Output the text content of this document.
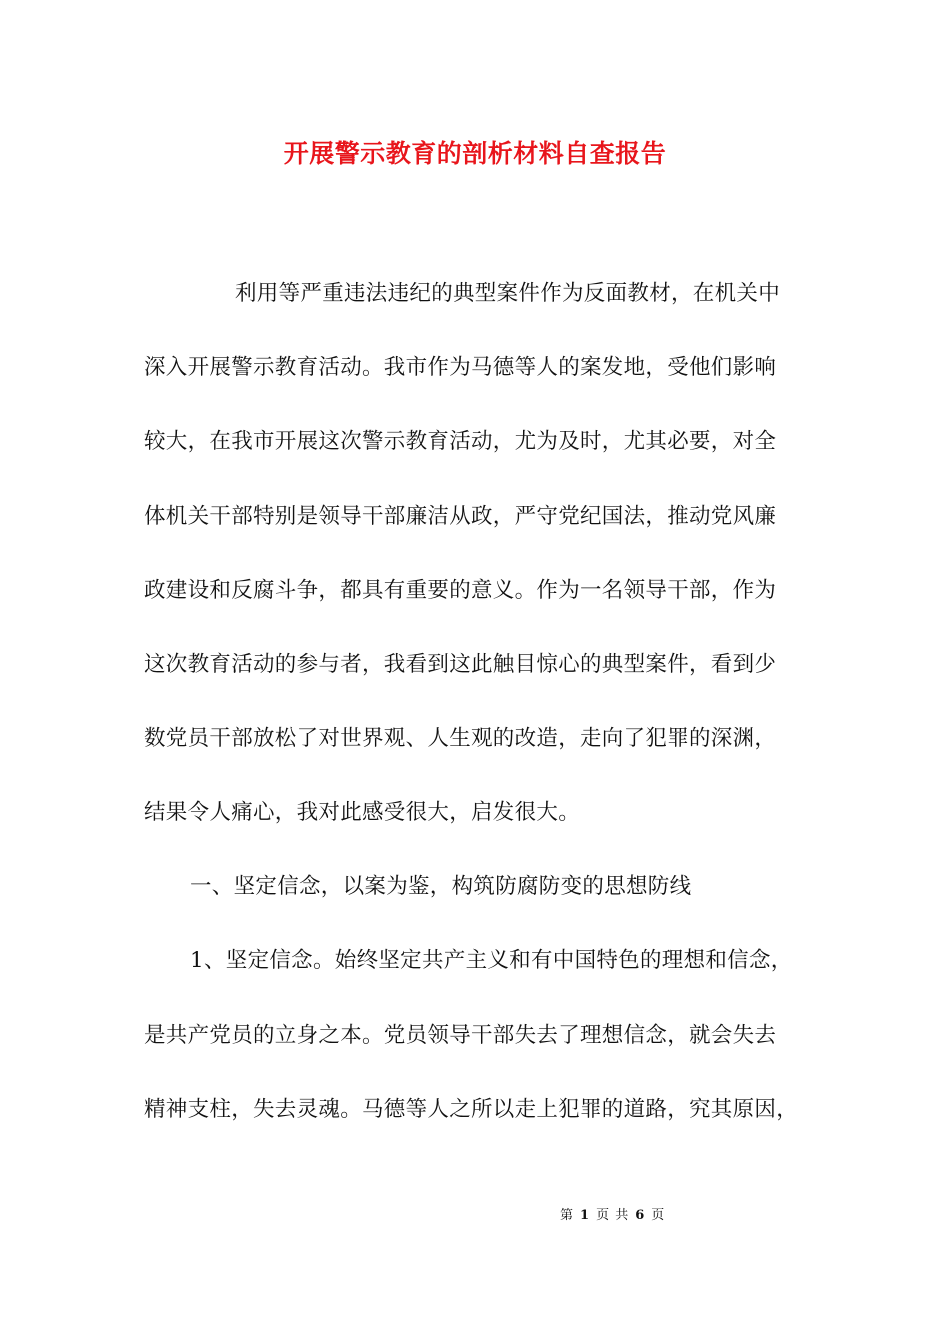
开展警示教育的剖析材料自查报告
利用等严重违法违纪的典型案件作为反面教材，在机关中
深入开展警示教育活动。我市作为马德等人的案发地，受他们影响
较大，在我市开展这次警示教育活动，尤为及时，尤其必要，对全
体机关干部特别是领导干部廉洁从政，严守党纪国法，推动党风廉
政建设和反腐斗争，都具有重要的意义。作为一名领导干部，作为
这次教育活动的参与者，我看到这此触目惊心的典型案件，看到少
数党员干部放松了对世界观、人生观的改造，走向了犯罪的深渊，
结果令人痛心，我对此感受很大，启发很大。
一、坚定信念，以案为鉴，构筑防腐防变的思想防线
1、坚定信念。始终坚定共产主义和有中国特色的理想和信念，
是共产党员的立身之本。党员领导干部失去了理想信念，就会失去
精神支柱，失去灵魂。马德等人之所以走上犯罪的道路，究其原因，
第 1 页 共 6 页
